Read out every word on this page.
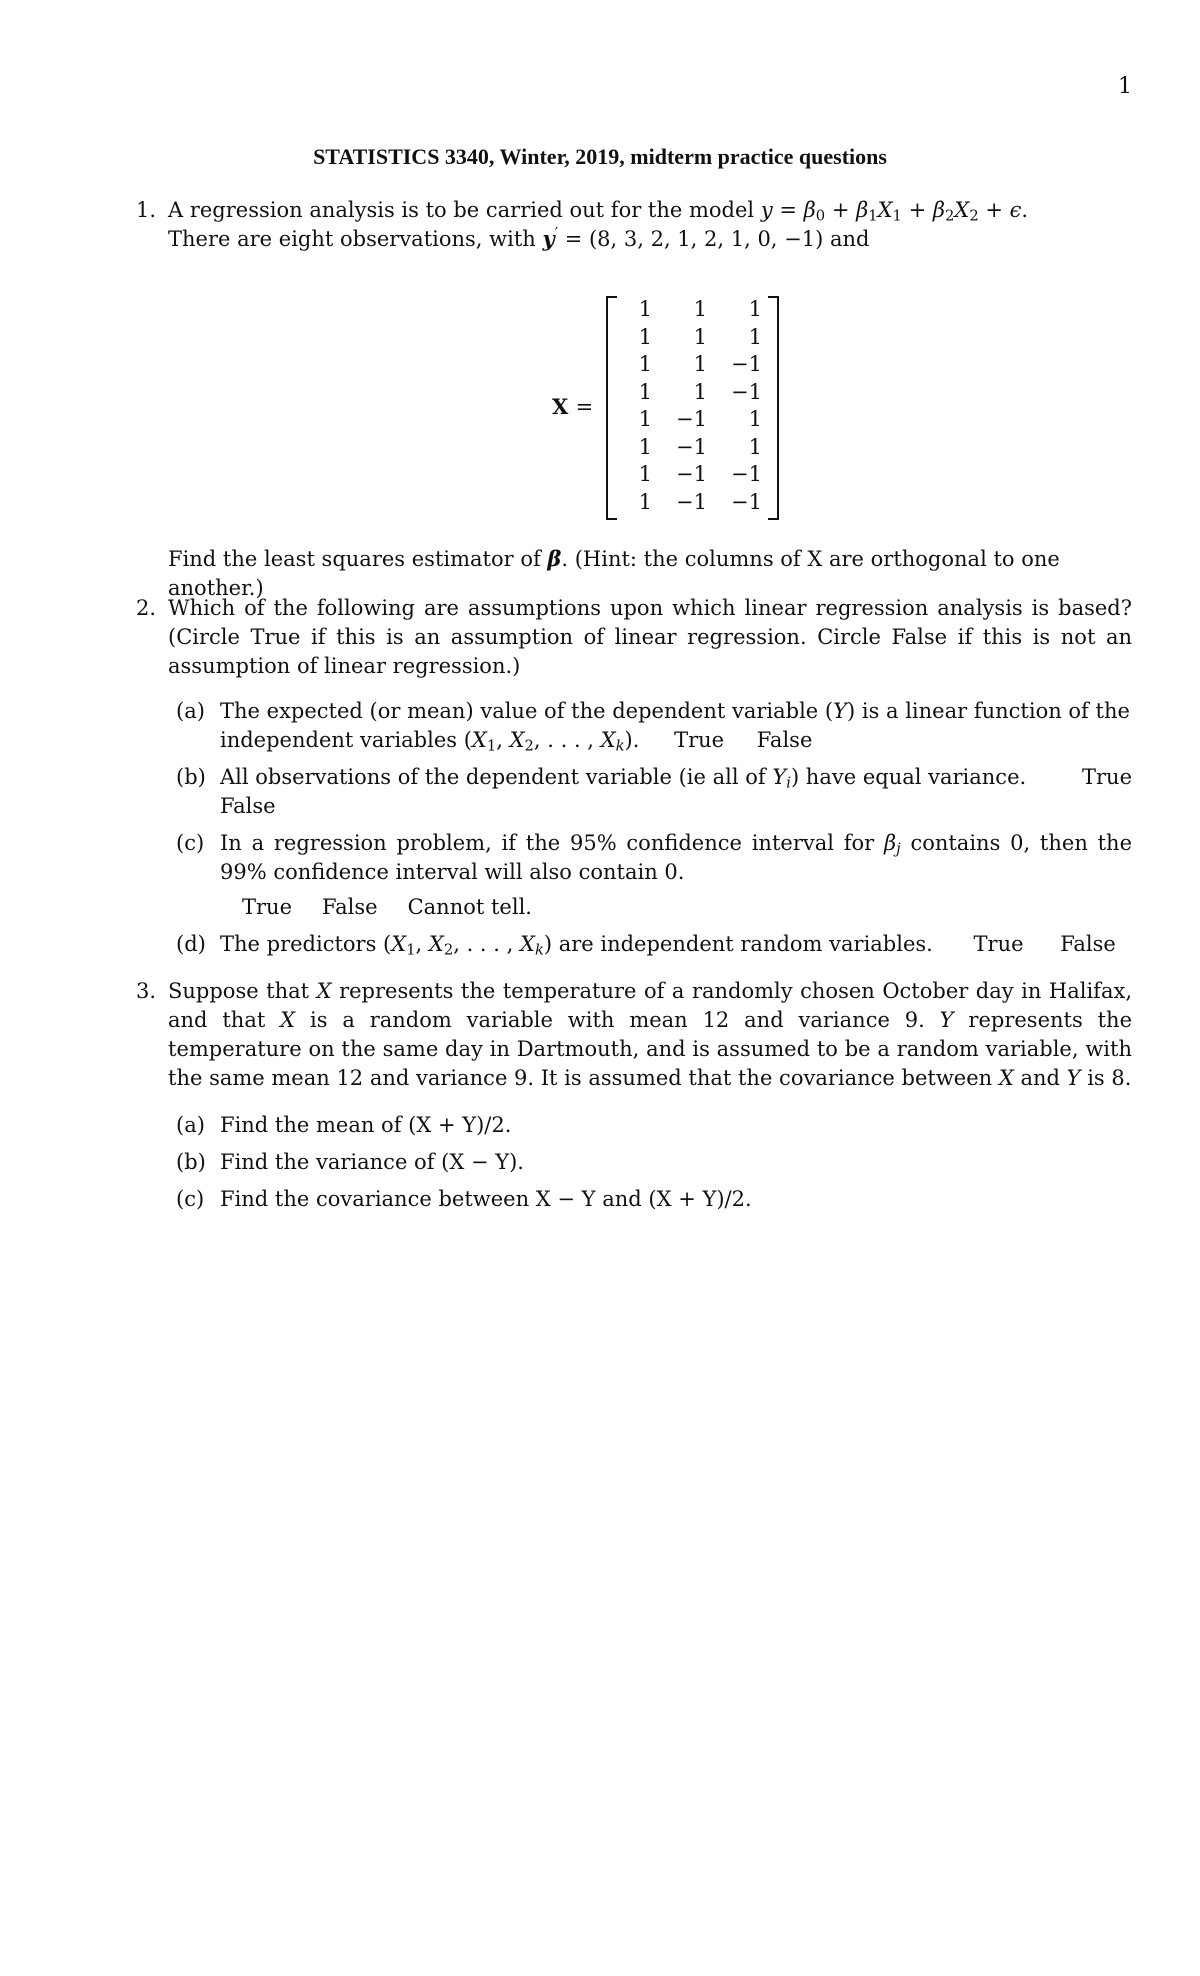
1
STATISTICS 3340, Winter, 2019, midterm practice questions
1. A regression analysis is to be carried out for the model $y = \beta_0 + \beta_1X_1 + \beta_2X_2 + \epsilon$.
There are eight observations, with y′ = (8, 3, 2, 1, 2, 1, 0, −1) and
X =
1	1	1
1	1	1
1	1	−1
1	1	−1
1	−1	1
1	−1	1
1	−1	−1
1	−1	−1
Find the least squares estimator of β. (Hint: the columns of X are orthogonal to one another.)
2. Which of the following are assumptions upon which linear regression analysis is based? (Circle True if this is an assumption of linear regression. Circle False if this is not an assumption of linear regression.)
(a) The expected (or mean) value of the dependent variable (Y) is a linear function of the independent variables ($X_1$, $X_2$, . . . , $X_k$). True False
(b) All observations of the dependent variable (ie all of $Y_i$) have equal variance.	True

False
(c) In a regression problem, if the 95% confidence interval for $\beta_j$ contains 0, then the 99% confidence interval will also contain 0.
True False Cannot tell.
(d) The predictors ($X_1$, $X_2$, . . . , $X_k$) are independent random variables. True False
3. Suppose that X represents the temperature of a randomly chosen October day in Halifax, and that X is a random variable with mean 12 and variance 9. Y represents the temperature on the same day in Dartmouth, and is assumed to be a random variable, with the same mean 12 and variance 9. It is assumed that the covariance between X and Y is 8.
(a) Find the mean of (X + Y)/2.
(b) Find the variance of (X − Y).
(c) Find the covariance between X − Y and (X + Y)/2.
